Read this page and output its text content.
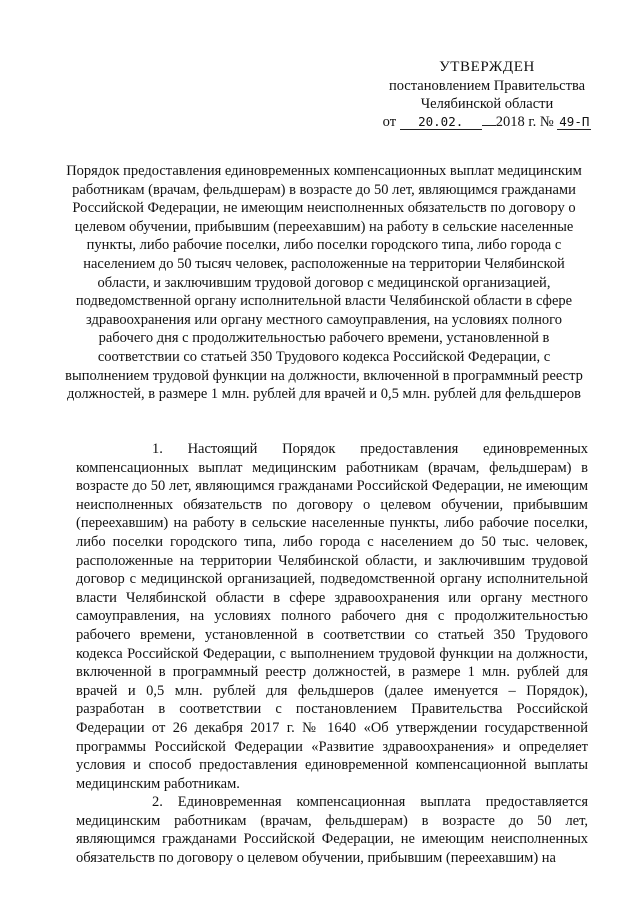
УТВЕРЖДЕН
постановлением Правительства
Челябинской области
от 20.02. 2018 г. № 49-П
Порядок предоставления единовременных компенсационных выплат медицинским работникам (врачам, фельдшерам) в возрасте до 50 лет, являющимся гражданами Российской Федерации, не имеющим неисполненных обязательств по договору о целевом обучении, прибывшим (переехавшим) на работу в сельские населенные пункты, либо рабочие поселки, либо поселки городского типа, либо города с населением до 50 тысяч человек, расположенные на территории Челябинской области, и заключившим трудовой договор с медицинской организацией, подведомственной органу исполнительной власти Челябинской области в сфере здравоохранения или органу местного самоуправления, на условиях полного рабочего дня с продолжительностью рабочего времени, установленной в соответствии со статьей 350 Трудового кодекса Российской Федерации, с выполнением трудовой функции на должности, включенной в программный реестр должностей, в размере 1 млн. рублей для врачей и 0,5 млн. рублей для фельдшеров

1. Настоящий Порядок предоставления единовременных компенсационных выплат медицинским работникам (врачам, фельдшерам) в возрасте до 50 лет, являющимся гражданами Российской Федерации, не имеющим неисполненных обязательств по договору о целевом обучении, прибывшим (переехавшим) на работу в сельские населенные пункты, либо рабочие поселки, либо поселки городского типа, либо города с населением до 50 тыс. человек, расположенные на территории Челябинской области, и заключившим трудовой договор с медицинской организацией, подведомственной органу исполнительной власти Челябинской области в сфере здравоохранения или органу местного самоуправления, на условиях полного рабочего дня с продолжительностью рабочего времени, установленной в соответствии со статьей 350 Трудового кодекса Российской Федерации, с выполнением трудовой функции на должности, включенной в программный реестр должностей, в размере 1 млн. рублей для врачей и 0,5 млн. рублей для фельдшеров (далее именуется – Порядок), разработан в соответствии с постановлением Правительства Российской Федерации от 26 декабря 2017 г. № 1640 «Об утверждении государственной программы Российской Федерации «Развитие здравоохранения» и определяет условия и способ предоставления единовременной компенсационной выплаты медицинским работникам.

2. Единовременная компенсационная выплата предоставляется медицинским работникам (врачам, фельдшерам) в возрасте до 50 лет, являющимся гражданами Российской Федерации, не имеющим неисполненных обязательств по договору о целевом обучении, прибывшим (переехавшим) на
